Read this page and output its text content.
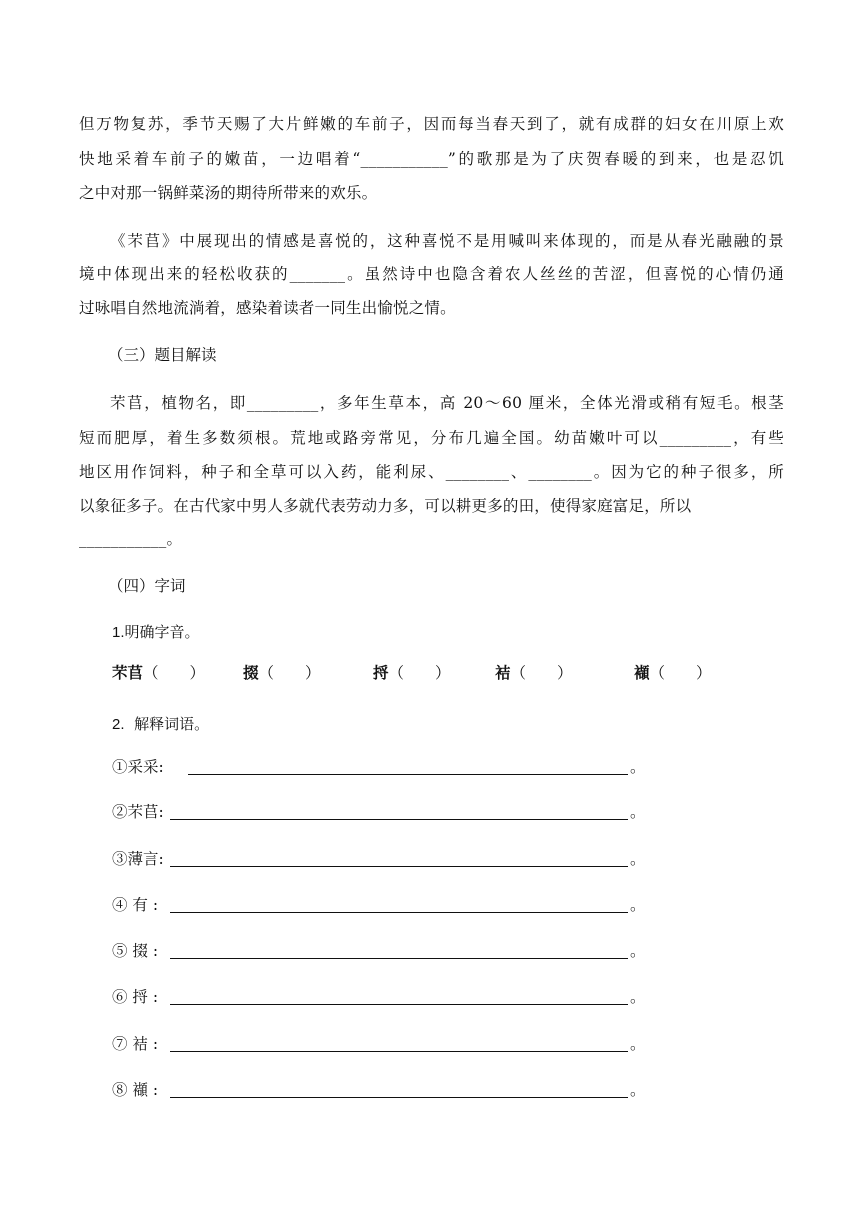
但万物复苏，季节天赐了大片鲜嫩的车前子，因而每当春天到了，就有成群的妇女在川原上欢
快地采着车前子的嫩苗，一边唱着“___________”的歌那是为了庆贺春暖的到来，也是忍饥
之中对那一锅鲜菜汤的期待所带来的欢乐。
《芣苢》中展现出的情感是喜悦的，这种喜悦不是用喊叫来体现的，而是从春光融融的景
境中体现出来的轻松收获的_______。虽然诗中也隐含着农人丝丝的苦涩，但喜悦的心情仍通
过咏唱自然地流淌着，感染着读者一同生出愉悦之情。
（三）题目解读
芣苢，植物名，即_________，多年生草本，高 20～60 厘米，全体光滑或稍有短毛。根茎
短而肥厚，着生多数须根。荒地或路旁常见，分布几遍全国。幼苗嫩叶可以_________，有些
地区用作饲料，种子和全草可以入药，能利尿、________、________。因为它的种子很多，所
以象征多子。在古代家中男人多就代表劳动力多，可以耕更多的田，使得家庭富足，所以
___________。
（四）字词
1.明确字音。
芣苢（　　） 掇（　　）	捋（　　）	袺（　　）	襭（　　）
2. 解释词语。
①采采:	。
②芣苢:	。
③薄言:	。
④ 有 :	。
⑤ 掇 :	。
⑥ 捋 :	。
⑦ 袺 :	。
⑧ 襭 :	。
